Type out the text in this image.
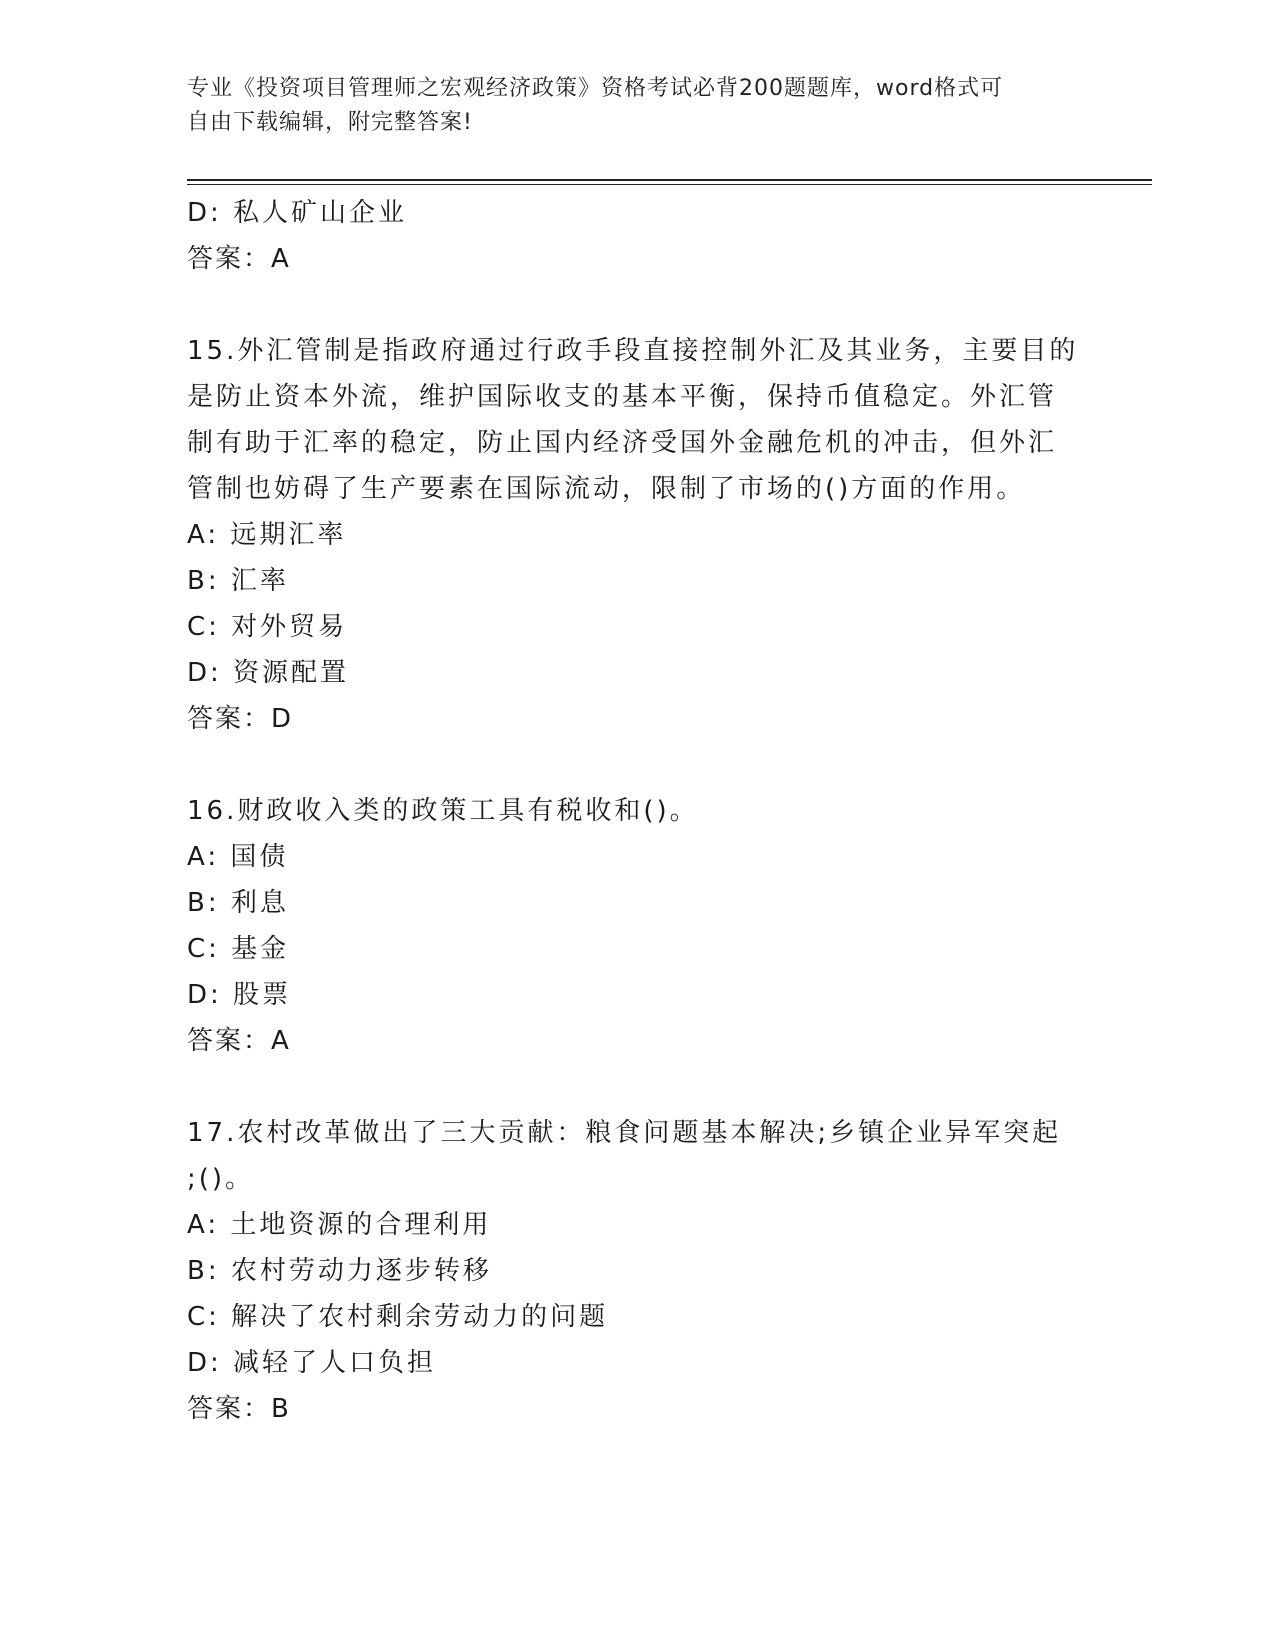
专业《投资项目管理师之宏观经济政策》资格考试必背200题题库，word格式可
自由下载编辑，附完整答案!
D: 私人矿山企业
答案：A
15.外汇管制是指政府通过行政手段直接控制外汇及其业务，主要目的
是防止资本外流，维护国际收支的基本平衡，保持币值稳定。外汇管
制有助于汇率的稳定，防止国内经济受国外金融危机的冲击，但外汇
管制也妨碍了生产要素在国际流动，限制了市场的()方面的作用。
A: 远期汇率
B: 汇率
C: 对外贸易
D: 资源配置
答案：D
16.财政收入类的政策工具有税收和()。
A: 国债
B: 利息
C: 基金
D: 股票
答案：A
17.农村改革做出了三大贡献：粮食问题基本解决;乡镇企业异军突起
;()。
A: 土地资源的合理利用
B: 农村劳动力逐步转移
C: 解决了农村剩余劳动力的问题
D: 减轻了人口负担
答案：B
